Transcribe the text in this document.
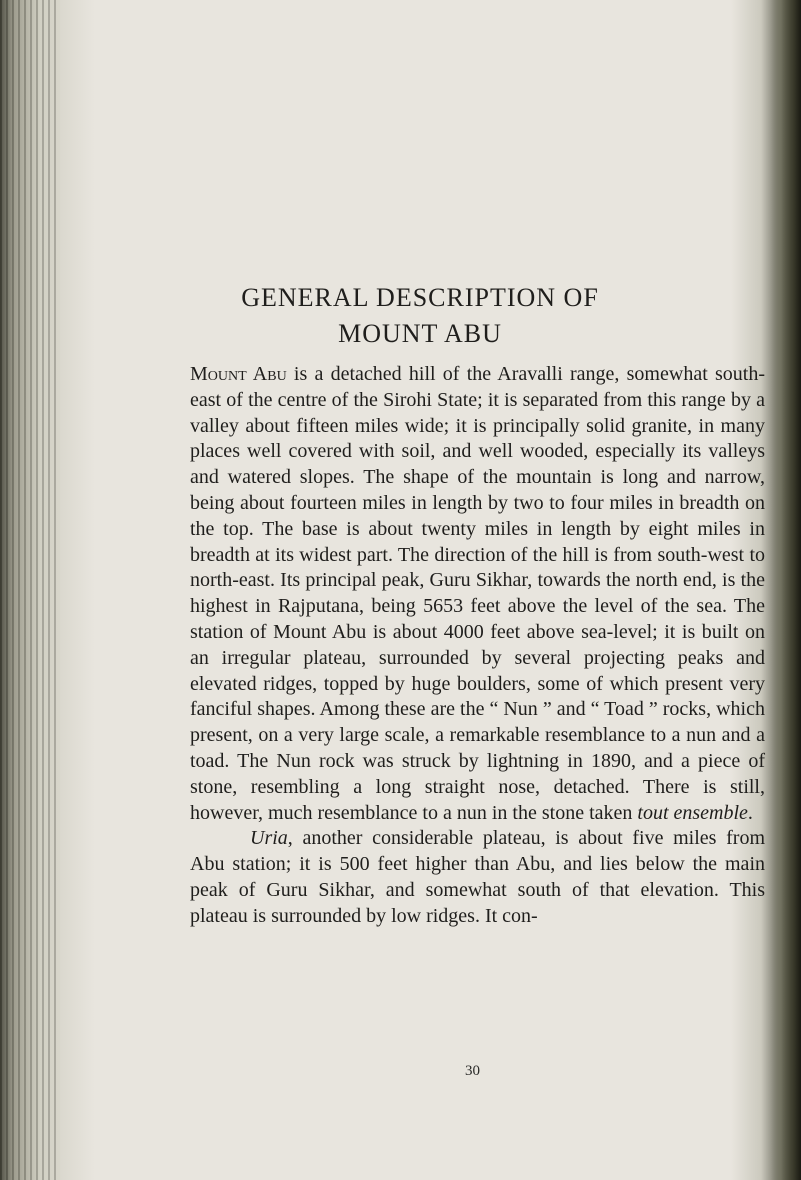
GENERAL DESCRIPTION OF
MOUNT ABU

Mount Abu is a detached hill of the Aravalli range, somewhat south-east of the centre of the Sirohi State; it is separated from this range by a valley about fifteen miles wide; it is principally solid granite, in many places well covered with soil, and well wooded, especially its valleys and watered slopes. The shape of the mountain is long and narrow, being about fourteen miles in length by two to four miles in breadth on the top. The base is about twenty miles in length by eight miles in breadth at its widest part. The direction of the hill is from south-west to north-east. Its principal peak, Guru Sikhar, towards the north end, is the highest in Rajputana, being 5653 feet above the level of the sea. The station of Mount Abu is about 4000 feet above sea-level; it is built on an irregular plateau, surrounded by several projecting peaks and elevated ridges, topped by huge boulders, some of which present very fanciful shapes. Among these are the “ Nun ” and “ Toad ” rocks, which present, on a very large scale, a remarkable resemblance to a nun and a toad. The Nun rock was struck by lightning in 1890, and a piece of stone, resembling a long straight nose, detached. There is still, however, much resemblance to a nun in the stone taken tout ensemble.

Uria, another considerable plateau, is about five miles from Abu station; it is 500 feet higher than Abu, and lies below the main peak of Guru Sikhar, and somewhat south of that elevation. This plateau is surrounded by low ridges. It con-

30
